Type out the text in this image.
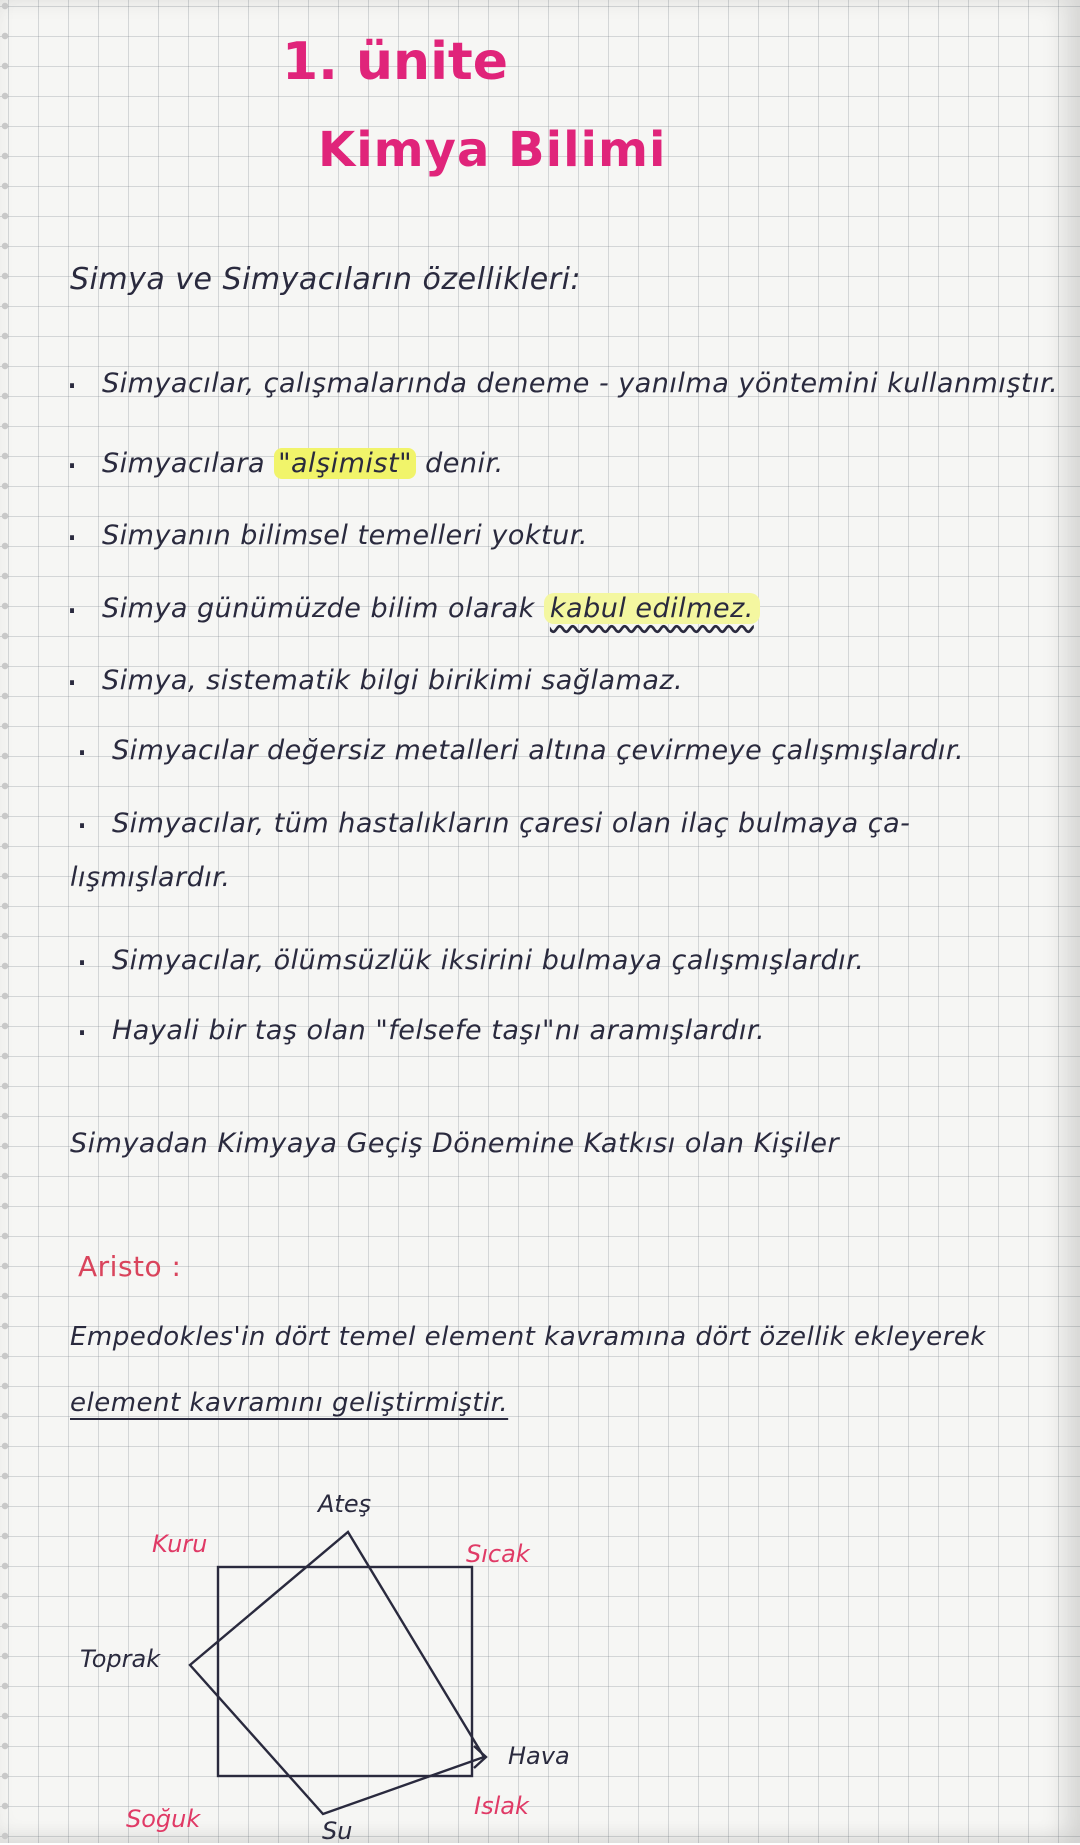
1. ünite
Kimya Bilimi
Simya ve Simyacıların özellikleri:
· Simyacılar, çalışmalarında deneme - yanılma yöntemini kullanmıştır.
· Simyacılara "alşimist" denir.
· Simyanın bilimsel temelleri yoktur.
· Simya günümüzde bilim olarak kabul edilmez.
· Simya, sistematik bilgi birikimi sağlamaz.
· Simyacılar değersiz metalleri altına çevirmeye çalışmışlardır.
· Simyacılar, tüm hastalıkların çaresi olan ilaç bulmaya ça-
lışmışlardır.
· Simyacılar, ölümsüzlük iksirini bulmaya çalışmışlardır.
· Hayali bir taş olan "felsefe taşı"nı aramışlardır.
Simyadan Kimyaya Geçiş Dönemine Katkısı olan Kişiler
Aristo :
Empedokles'in dört temel element kavramına dört özellik ekleyerek
element kavramını geliştirmiştir.
Ateş
Toprak
Hava
Su
Kuru	Sıcak
Soğuk	Islak
